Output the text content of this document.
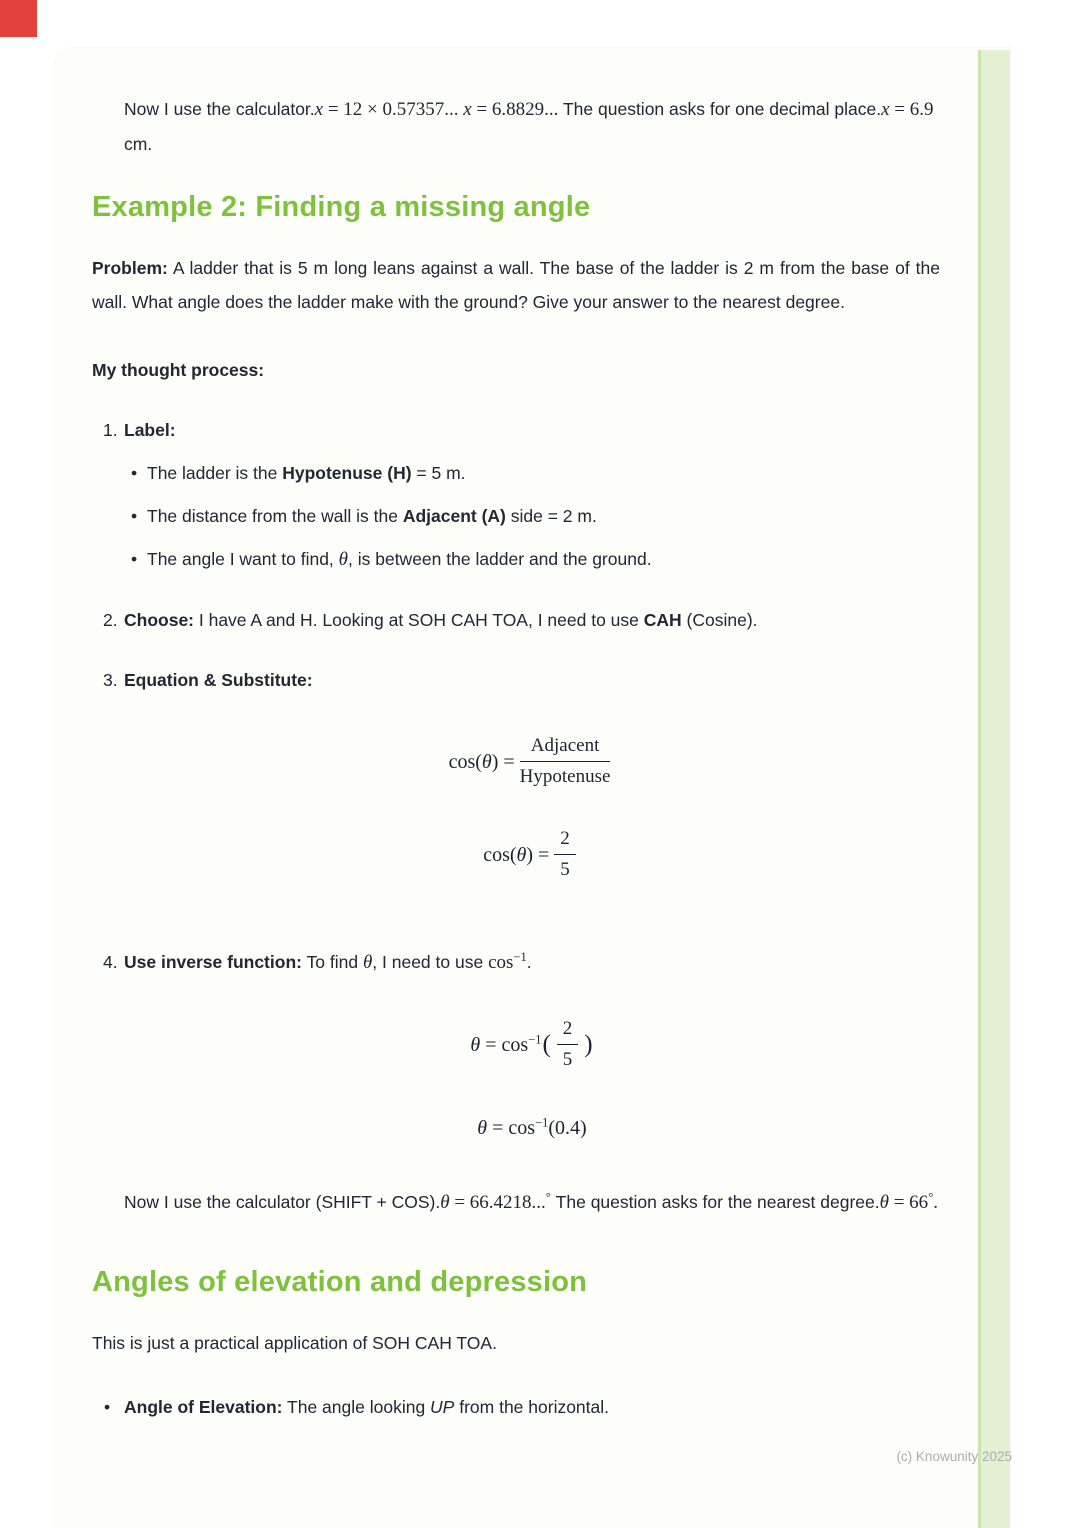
Now I use the calculator.x = 12 × 0.57357... x = 6.8829... The question asks for one decimal place.x = 6.9 cm.

Example 2: Finding a missing angle

Problem: A ladder that is 5 m long leans against a wall. The base of the ladder is 2 m from the base of the wall. What angle does the ladder make with the ground? Give your answer to the nearest degree.

My thought process:

1. Label:
• The ladder is the Hypotenuse (H) = 5 m.
• The distance from the wall is the Adjacent (A) side = 2 m.
• The angle I want to find, θ, is between the ladder and the ground.
2. Choose: I have A and H. Looking at SOH CAH TOA, I need to use CAH (Cosine).
3. Equation & Substitute:
$\cos(\theta) = \frac{\text{Adjacent}}{\text{Hypotenuse}}$
$\cos(\theta) = \frac{2}{5}$
4. Use inverse function: To find θ, I need to use $\cos^{-1}$.
$\theta = \cos^{-1}$ ( $\frac{2}{5}$ )
$\theta = \cos^{-1}(0.4)$

Now I use the calculator (SHIFT + COS).θ = 66.4218...° The question asks for the nearest degree.θ = 66°.

Angles of elevation and depression

This is just a practical application of SOH CAH TOA.

• Angle of Elevation: The angle looking UP from the horizontal.
(c) Knowunity 2025
